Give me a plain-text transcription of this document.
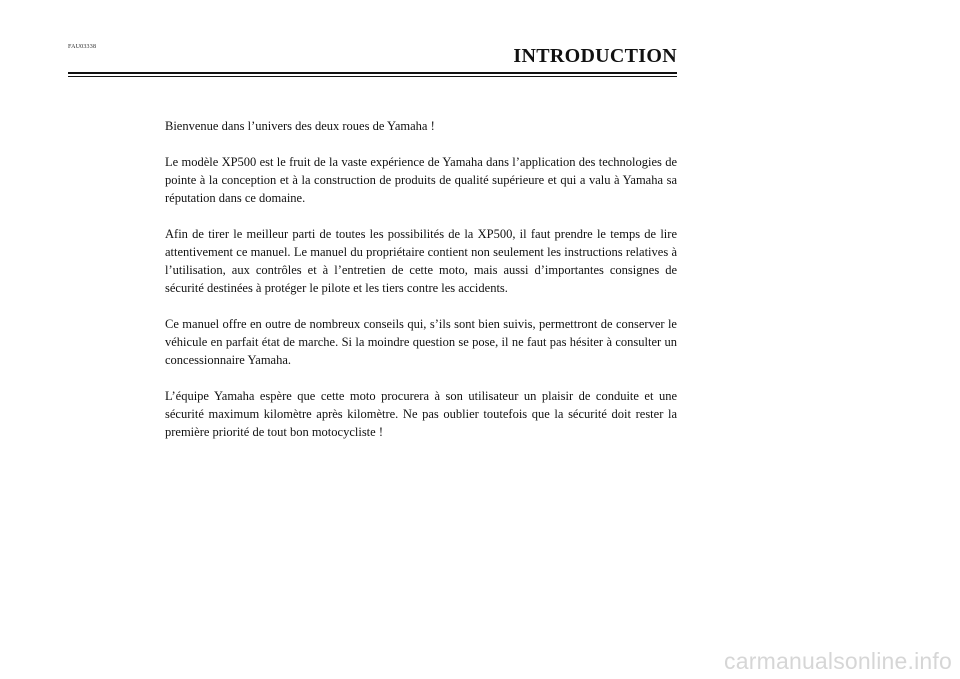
FAU03338	INTRODUCTION

Bienvenue dans l’univers des deux roues de Yamaha !

Le modèle XP500 est le fruit de la vaste expérience de Yamaha dans l’application des technologies de pointe à la conception et à la construction de produits de qualité supérieure et qui a valu à Yamaha sa réputation dans ce domaine.

Afin de tirer le meilleur parti de toutes les possibilités de la XP500, il faut prendre le temps de lire attentivement ce manuel. Le manuel du propriétaire contient non seulement les instructions relatives à l’utilisation, aux contrôles et à l’entretien de cette moto, mais aussi d’importantes consignes de sécurité destinées à protéger le pilote et les tiers contre les accidents.

Ce manuel offre en outre de nombreux conseils qui, s’ils sont bien suivis, permettront de conserver le véhicule en parfait état de marche. Si la moindre question se pose, il ne faut pas hésiter à consulter un concessionnaire Yamaha.

L’équipe Yamaha espère que cette moto procurera à son utilisateur un plaisir de conduite et une sécurité maximum kilomètre après kilomètre. Ne pas oublier toutefois que la sécurité doit rester la première priorité de tout bon motocycliste !

carmanualsonline.info
